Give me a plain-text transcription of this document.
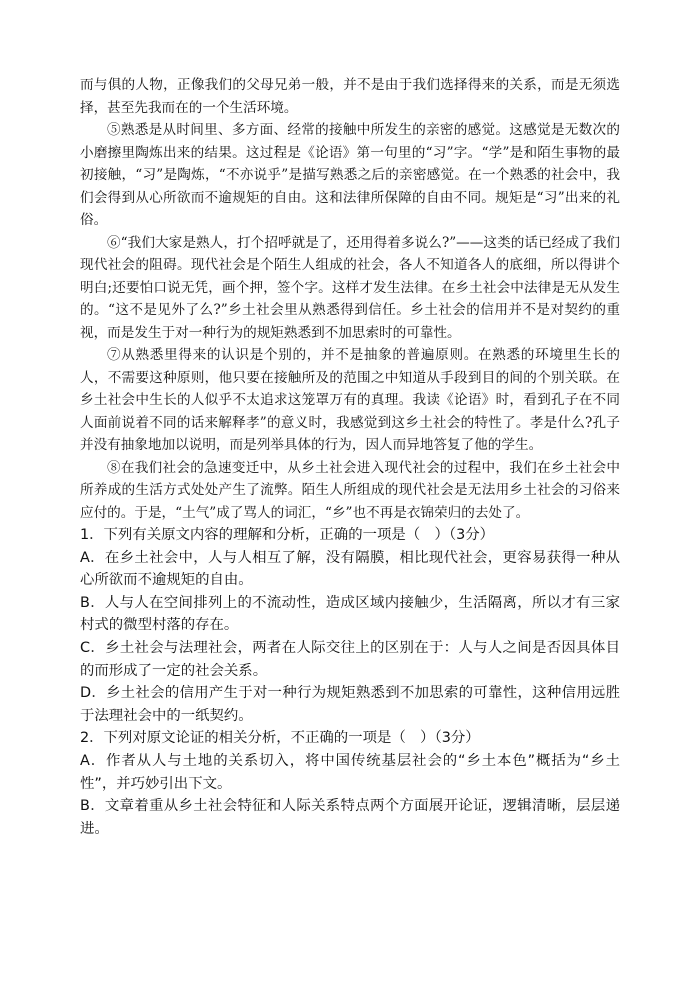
而与俱的人物，正像我们的父母兄弟一般，并不是由于我们选择得来的关系，而是无须选择，甚至先我而在的一个生活环境。

⑤熟悉是从时间里、多方面、经常的接触中所发生的亲密的感觉。这感觉是无数次的小磨擦里陶炼出来的结果。这过程是《论语》第一句里的“习”字。“学”是和陌生事物的最初接触，“习”是陶炼，“不亦说乎”是描写熟悉之后的亲密感觉。在一个熟悉的社会中，我们会得到从心所欲而不逾规矩的自由。这和法律所保障的自由不同。规矩是“习”出来的礼俗。

⑥“我们大家是熟人，打个招呼就是了，还用得着多说么?”——这类的话已经成了我们现代社会的阻碍。现代社会是个陌生人组成的社会，各人不知道各人的底细，所以得讲个明白;还要怕口说无凭，画个押，签个字。这样才发生法律。在乡土社会中法律是无从发生的。“这不是见外了么?”乡土社会里从熟悉得到信任。乡土社会的信用并不是对契约的重视，而是发生于对一种行为的规矩熟悉到不加思索时的可靠性。

⑦从熟悉里得来的认识是个别的，并不是抽象的普遍原则。在熟悉的环境里生长的人，不需要这种原则，他只要在接触所及的范围之中知道从手段到目的间的个别关联。在乡土社会中生长的人似乎不太追求这笼罩万有的真理。我读《论语》时，看到孔子在不同人面前说着不同的话来解释孝”的意义时，我感觉到这乡土社会的特性了。孝是什么?孔子并没有抽象地加以说明，而是列举具体的行为，因人而异地答复了他的学生。

⑧在我们社会的急速变迁中，从乡土社会进入现代社会的过程中，我们在乡土社会中所养成的生活方式处处产生了流弊。陌生人所组成的现代社会是无法用乡土社会的习俗来应付的。于是，“土气”成了骂人的词汇，“乡”也不再是衣锦荣归的去处了。

1．下列有关原文内容的理解和分析，正确的一项是（　）（3分）

A．在乡土社会中，人与人相互了解，没有隔膜，相比现代社会，更容易获得一种从心所欲而不逾规矩的自由。

B．人与人在空间排列上的不流动性，造成区域内接触少，生活隔离，所以才有三家村式的微型村落的存在。

C．乡土社会与法理社会，两者在人际交往上的区别在于：人与人之间是否因具体目的而形成了一定的社会关系。

D．乡土社会的信用产生于对一种行为规矩熟悉到不加思索的可靠性，这种信用远胜于法理社会中的一纸契约。

2．下列对原文论证的相关分析，不正确的一项是（　）（3分）

A．作者从人与土地的关系切入，将中国传统基层社会的“乡土本色”概括为“乡土性”，并巧妙引出下文。

B．文章着重从乡土社会特征和人际关系特点两个方面展开论证，逻辑清晰，层层递进。
